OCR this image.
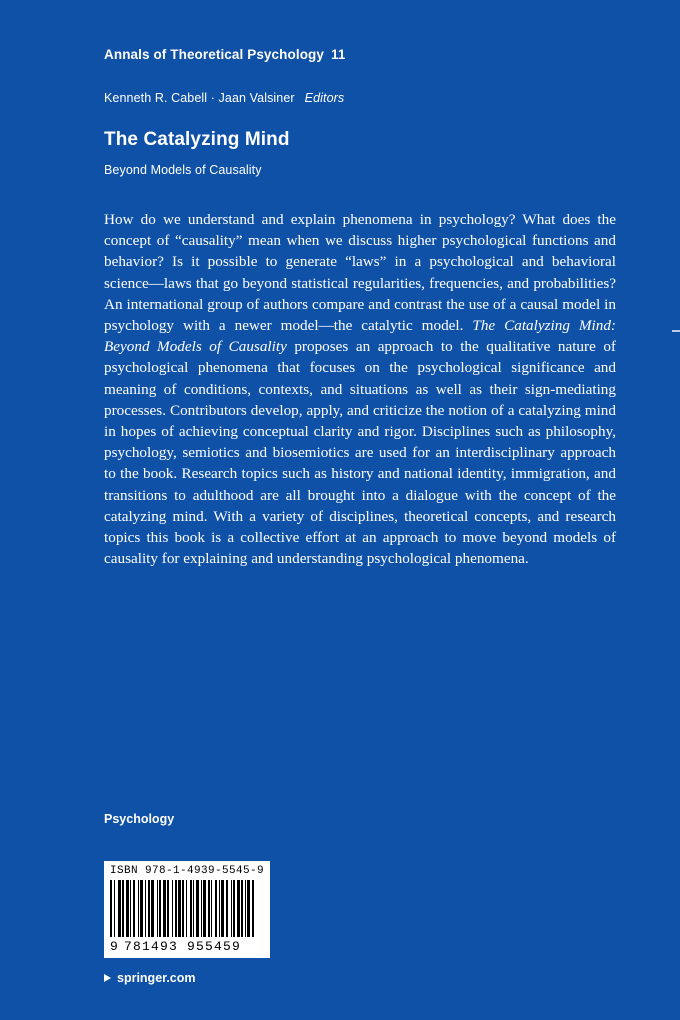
Annals of Theoretical Psychology 11
Kenneth R. Cabell · Jaan Valsiner Editors
The Catalyzing Mind
Beyond Models of Causality
How do we understand and explain phenomena in psychology? What does the concept of “causality” mean when we discuss higher psychological functions and behavior? Is it possible to generate “laws” in a psychological and behavioral science—laws that go beyond statistical regularities, frequencies, and probabilities? An international group of authors compare and contrast the use of a causal model in psychology with a newer model—the catalytic model. The Catalyzing Mind: Beyond Models of Causality proposes an approach to the qualitative nature of psychological phenomena that focuses on the psychological significance and meaning of conditions, contexts, and situations as well as their sign-mediating processes. Contributors develop, apply, and criticize the notion of a catalyzing mind in hopes of achieving conceptual clarity and rigor. Disciplines such as philosophy, psychology, semiotics and biosemiotics are used for an interdisciplinary approach to the book. Research topics such as history and national identity, immigration, and transitions to adulthood are all brought into a dialogue with the concept of the catalyzing mind. With a variety of disciplines, theoretical concepts, and research topics this book is a collective effort at an approach to move beyond models of causality for explaining and understanding psychological phenomena.
Psychology
ISBN 978-1-4939-5545-9
9 781493 955459
springer.com
